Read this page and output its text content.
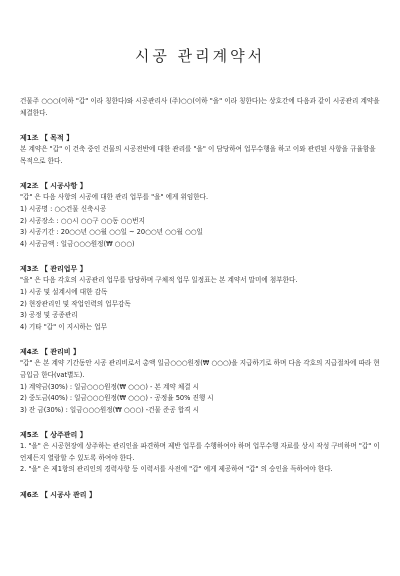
시공 관리계약서
건물주 ○○○(이하 "갑" 이라 칭한다)와 시공관리사 (주)○○(이하 "을" 이라 칭한다)는 상호간에 다음과 같이 시공관리 계약을 체결한다.
제1조 【 목적 】
본 계약은 "갑" 이 건축 중인 건물의 시공전반에 대한 관리를 "을" 이 담당하여 업무수행을 하고 이와 관련된 사항을 규율함을 목적으로 한다.
제2조 【 시공사항 】
"갑" 은 다음 사항의 시공에 대한 관리 업무를 "을" 에게 위임한다.
1) 시공명 : ○○건물 신축시공
2) 시공장소 : ○○시 ○○구 ○○동 ○○번지
3) 시공기간 : 20○○년 ○○월 ○○일 ~ 20○○년 ○○월 ○○일
4) 시공금액 : 일금○○○원정(₩ ○○○)
제3조 【 관리업무 】
"을" 은 다음 각호의 시공관리 업무를 담당하며 구체적 업무 일정표는 본 계약서 말미에 첨부한다.
1) 시공 및 설계시에 대한 감독
2) 현장관리인 및 작업인력의 업무감독
3) 공정 및 공종관리
4) 기타 "갑" 이 지시하는 업무
제4조 【 관리비 】
"갑" 은 본 계약 기간동안 시공 관리비로서 총액 일금○○○원정(₩ ○○○)을 지급하기로 하며 다음 각호의 지급절차에 따라 현금입금 한다(vat별도).
1) 계약금(30%) : 일금○○○원정(₩ ○○○) - 본 계약 체결 시
2) 중도금(40%) : 일금○○○원정(₩ ○○○) - 공정율 50% 진행 시
3) 잔 금(30%) : 일금○○○원정(₩ ○○○) -건물 준공 합격 시
제5조 【 상주관리 】
1. "을" 은 시공현장에 상주하는 관리인을 파견하며 제반 업무를 수행하여야 하며 업무수행 자료를 상시 작성 구비하며 "갑" 이 언제든지 열람할 수 있도록 하여야 한다.
2. "을" 은 제1항의 관리인의 경력사항 등 이력서를 사전에 "갑" 에게 제공하여 "갑" 의 승인을 득하여야 한다.
제6조 【 시공사 관리 】
